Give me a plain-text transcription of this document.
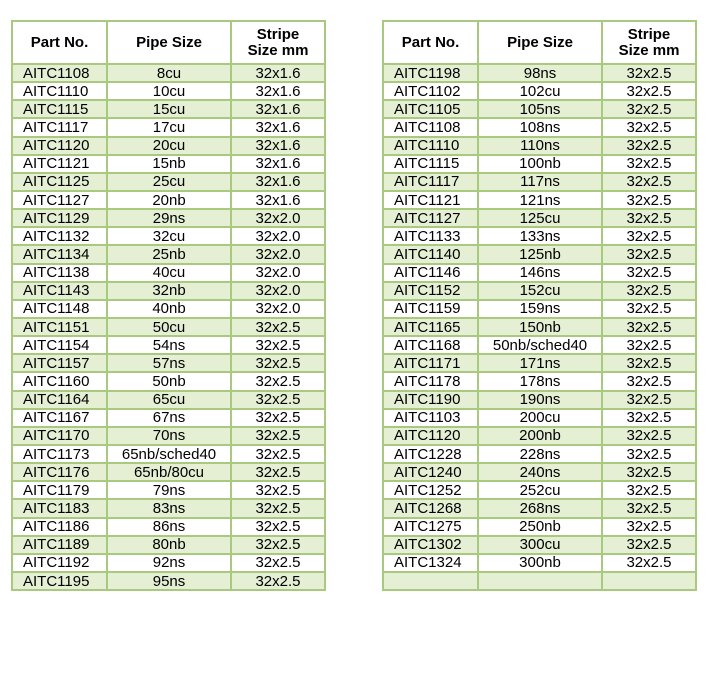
Part No.	Pipe Size	Stripe
Size mm
AITC1108	8cu	32x1.6
AITC1110	10cu	32x1.6
AITC1115	15cu	32x1.6
AITC1117	17cu	32x1.6
AITC1120	20cu	32x1.6
AITC1121	15nb	32x1.6
AITC1125	25cu	32x1.6
AITC1127	20nb	32x1.6
AITC1129	29ns	32x2.0
AITC1132	32cu	32x2.0
AITC1134	25nb	32x2.0
AITC1138	40cu	32x2.0
AITC1143	32nb	32x2.0
AITC1148	40nb	32x2.0
AITC1151	50cu	32x2.5
AITC1154	54ns	32x2.5
AITC1157	57ns	32x2.5
AITC1160	50nb	32x2.5
AITC1164	65cu	32x2.5
AITC1167	67ns	32x2.5
AITC1170	70ns	32x2.5
AITC1173	65nb/sched40	32x2.5
AITC1176	65nb/80cu	32x2.5
AITC1179	79ns	32x2.5
AITC1183	83ns	32x2.5
AITC1186	86ns	32x2.5
AITC1189	80nb	32x2.5
AITC1192	92ns	32x2.5
AITC1195	95ns	32x2.5
Part No.	Pipe Size	Stripe
Size mm
AITC1198	98ns	32x2.5
AITC1102	102cu	32x2.5
AITC1105	105ns	32x2.5
AITC1108	108ns	32x2.5
AITC1110	110ns	32x2.5
AITC1115	100nb	32x2.5
AITC1117	117ns	32x2.5
AITC1121	121ns	32x2.5
AITC1127	125cu	32x2.5
AITC1133	133ns	32x2.5
AITC1140	125nb	32x2.5
AITC1146	146ns	32x2.5
AITC1152	152cu	32x2.5
AITC1159	159ns	32x2.5
AITC1165	150nb	32x2.5
AITC1168	50nb/sched40	32x2.5
AITC1171	171ns	32x2.5
AITC1178	178ns	32x2.5
AITC1190	190ns	32x2.5
AITC1103	200cu	32x2.5
AITC1120	200nb	32x2.5
AITC1228	228ns	32x2.5
AITC1240	240ns	32x2.5
AITC1252	252cu	32x2.5
AITC1268	268ns	32x2.5
AITC1275	250nb	32x2.5
AITC1302	300cu	32x2.5
AITC1324	300nb	32x2.5
